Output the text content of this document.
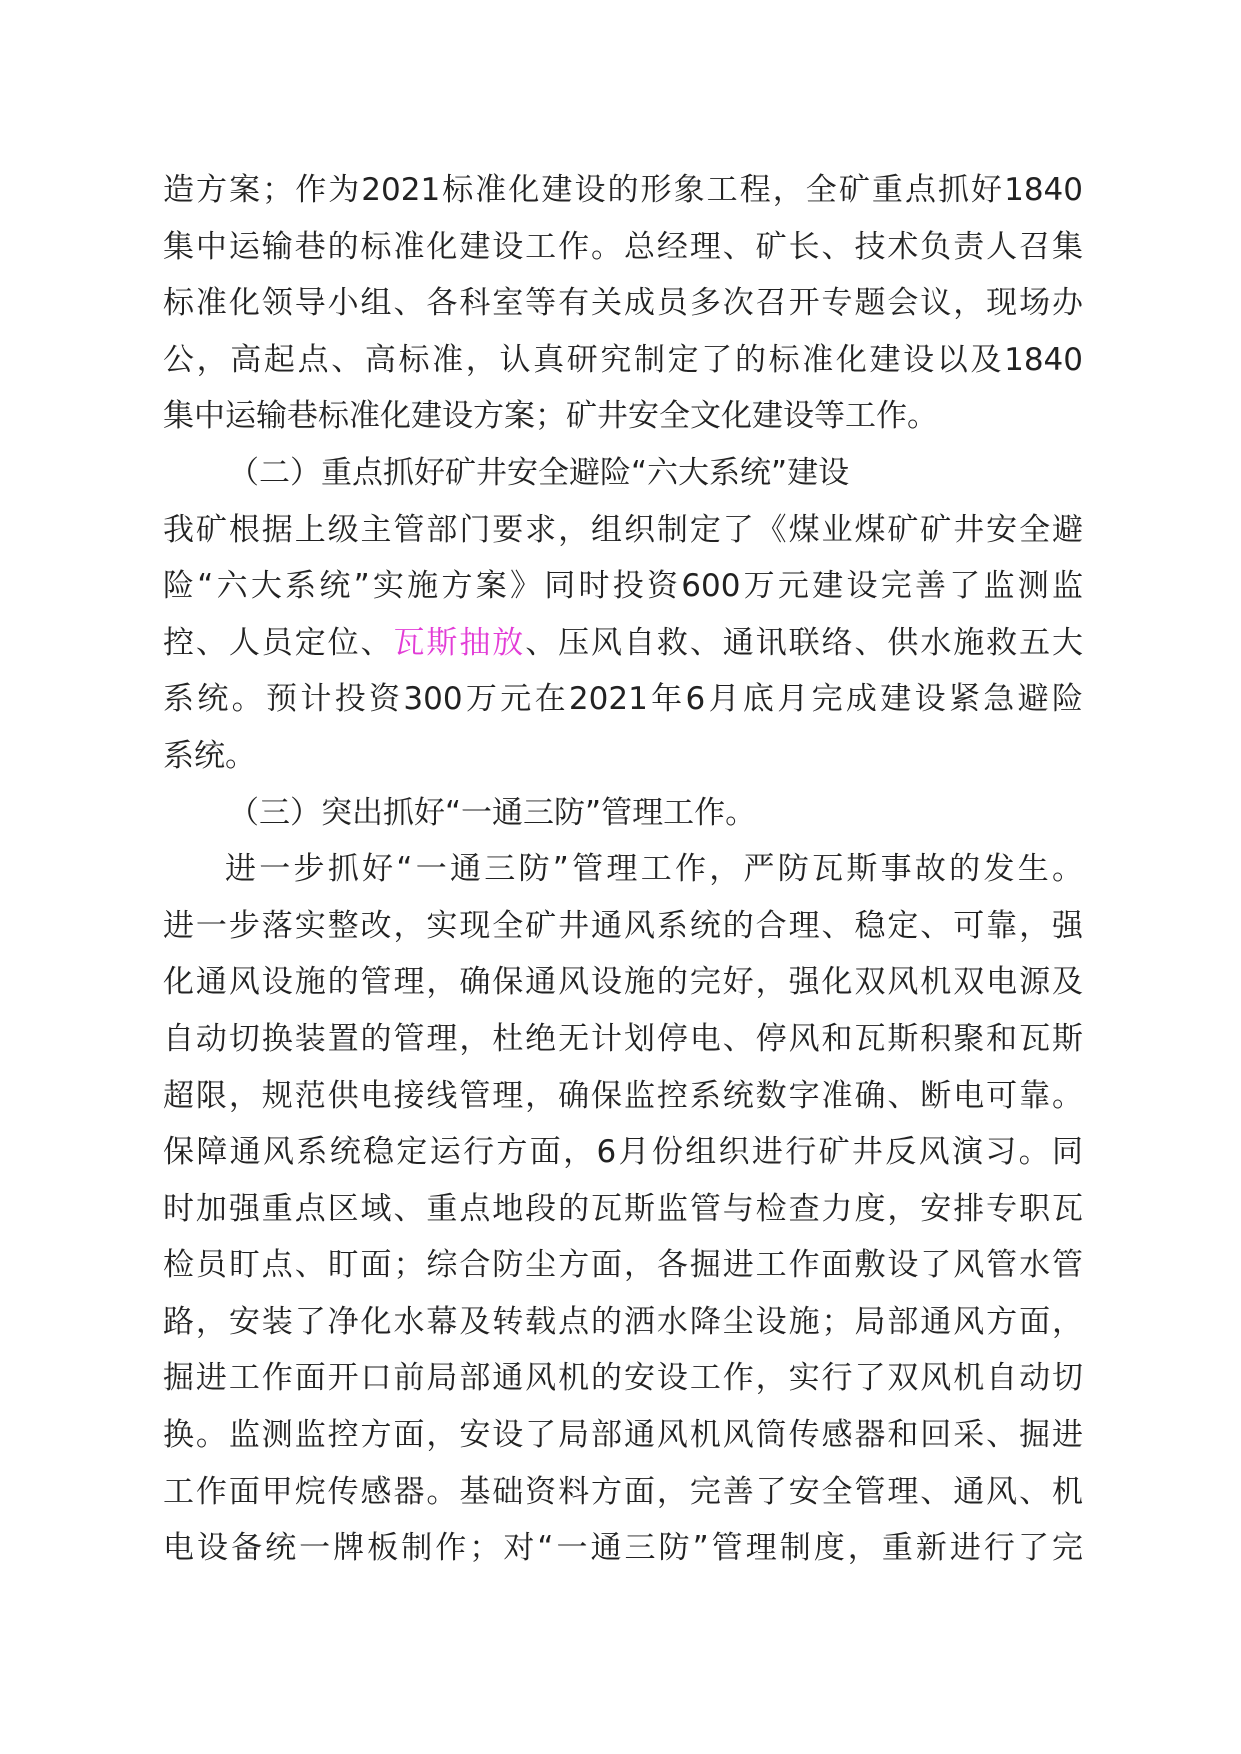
造方案；作为2021标准化建设的形象工程，全矿重点抓好1840
集中运输巷的标准化建设工作。总经理、矿长、技术负责人召集
标准化领导小组、各科室等有关成员多次召开专题会议，现场办
公，高起点、高标准，认真研究制定了的标准化建设以及1840
集中运输巷标准化建设方案；矿井安全文化建设等工作。
（二）重点抓好矿井安全避险“六大系统”建设
我矿根据上级主管部门要求，组织制定了《煤业煤矿矿井安全避
险“六大系统”实施方案》同时投资600万元建设完善了监测监
控、人员定位、瓦斯抽放、压风自救、通讯联络、供水施救五大
系统。预计投资300万元在2021年6月底月完成建设紧急避险
系统。
（三）突出抓好“一通三防”管理工作。
进一步抓好“一通三防”管理工作，严防瓦斯事故的发生。
进一步落实整改，实现全矿井通风系统的合理、稳定、可靠，强
化通风设施的管理，确保通风设施的完好，强化双风机双电源及
自动切换装置的管理，杜绝无计划停电、停风和瓦斯积聚和瓦斯
超限，规范供电接线管理，确保监控系统数字准确、断电可靠。
保障通风系统稳定运行方面，6月份组织进行矿井反风演习。同
时加强重点区域、重点地段的瓦斯监管与检查力度，安排专职瓦
检员盯点、盯面；综合防尘方面，各掘进工作面敷设了风管水管
路，安装了净化水幕及转载点的洒水降尘设施；局部通风方面，
掘进工作面开口前局部通风机的安设工作，实行了双风机自动切
换。监测监控方面，安设了局部通风机风筒传感器和回采、掘进
工作面甲烷传感器。基础资料方面，完善了安全管理、通风、机
电设备统一牌板制作；对“一通三防”管理制度，重新进行了完
